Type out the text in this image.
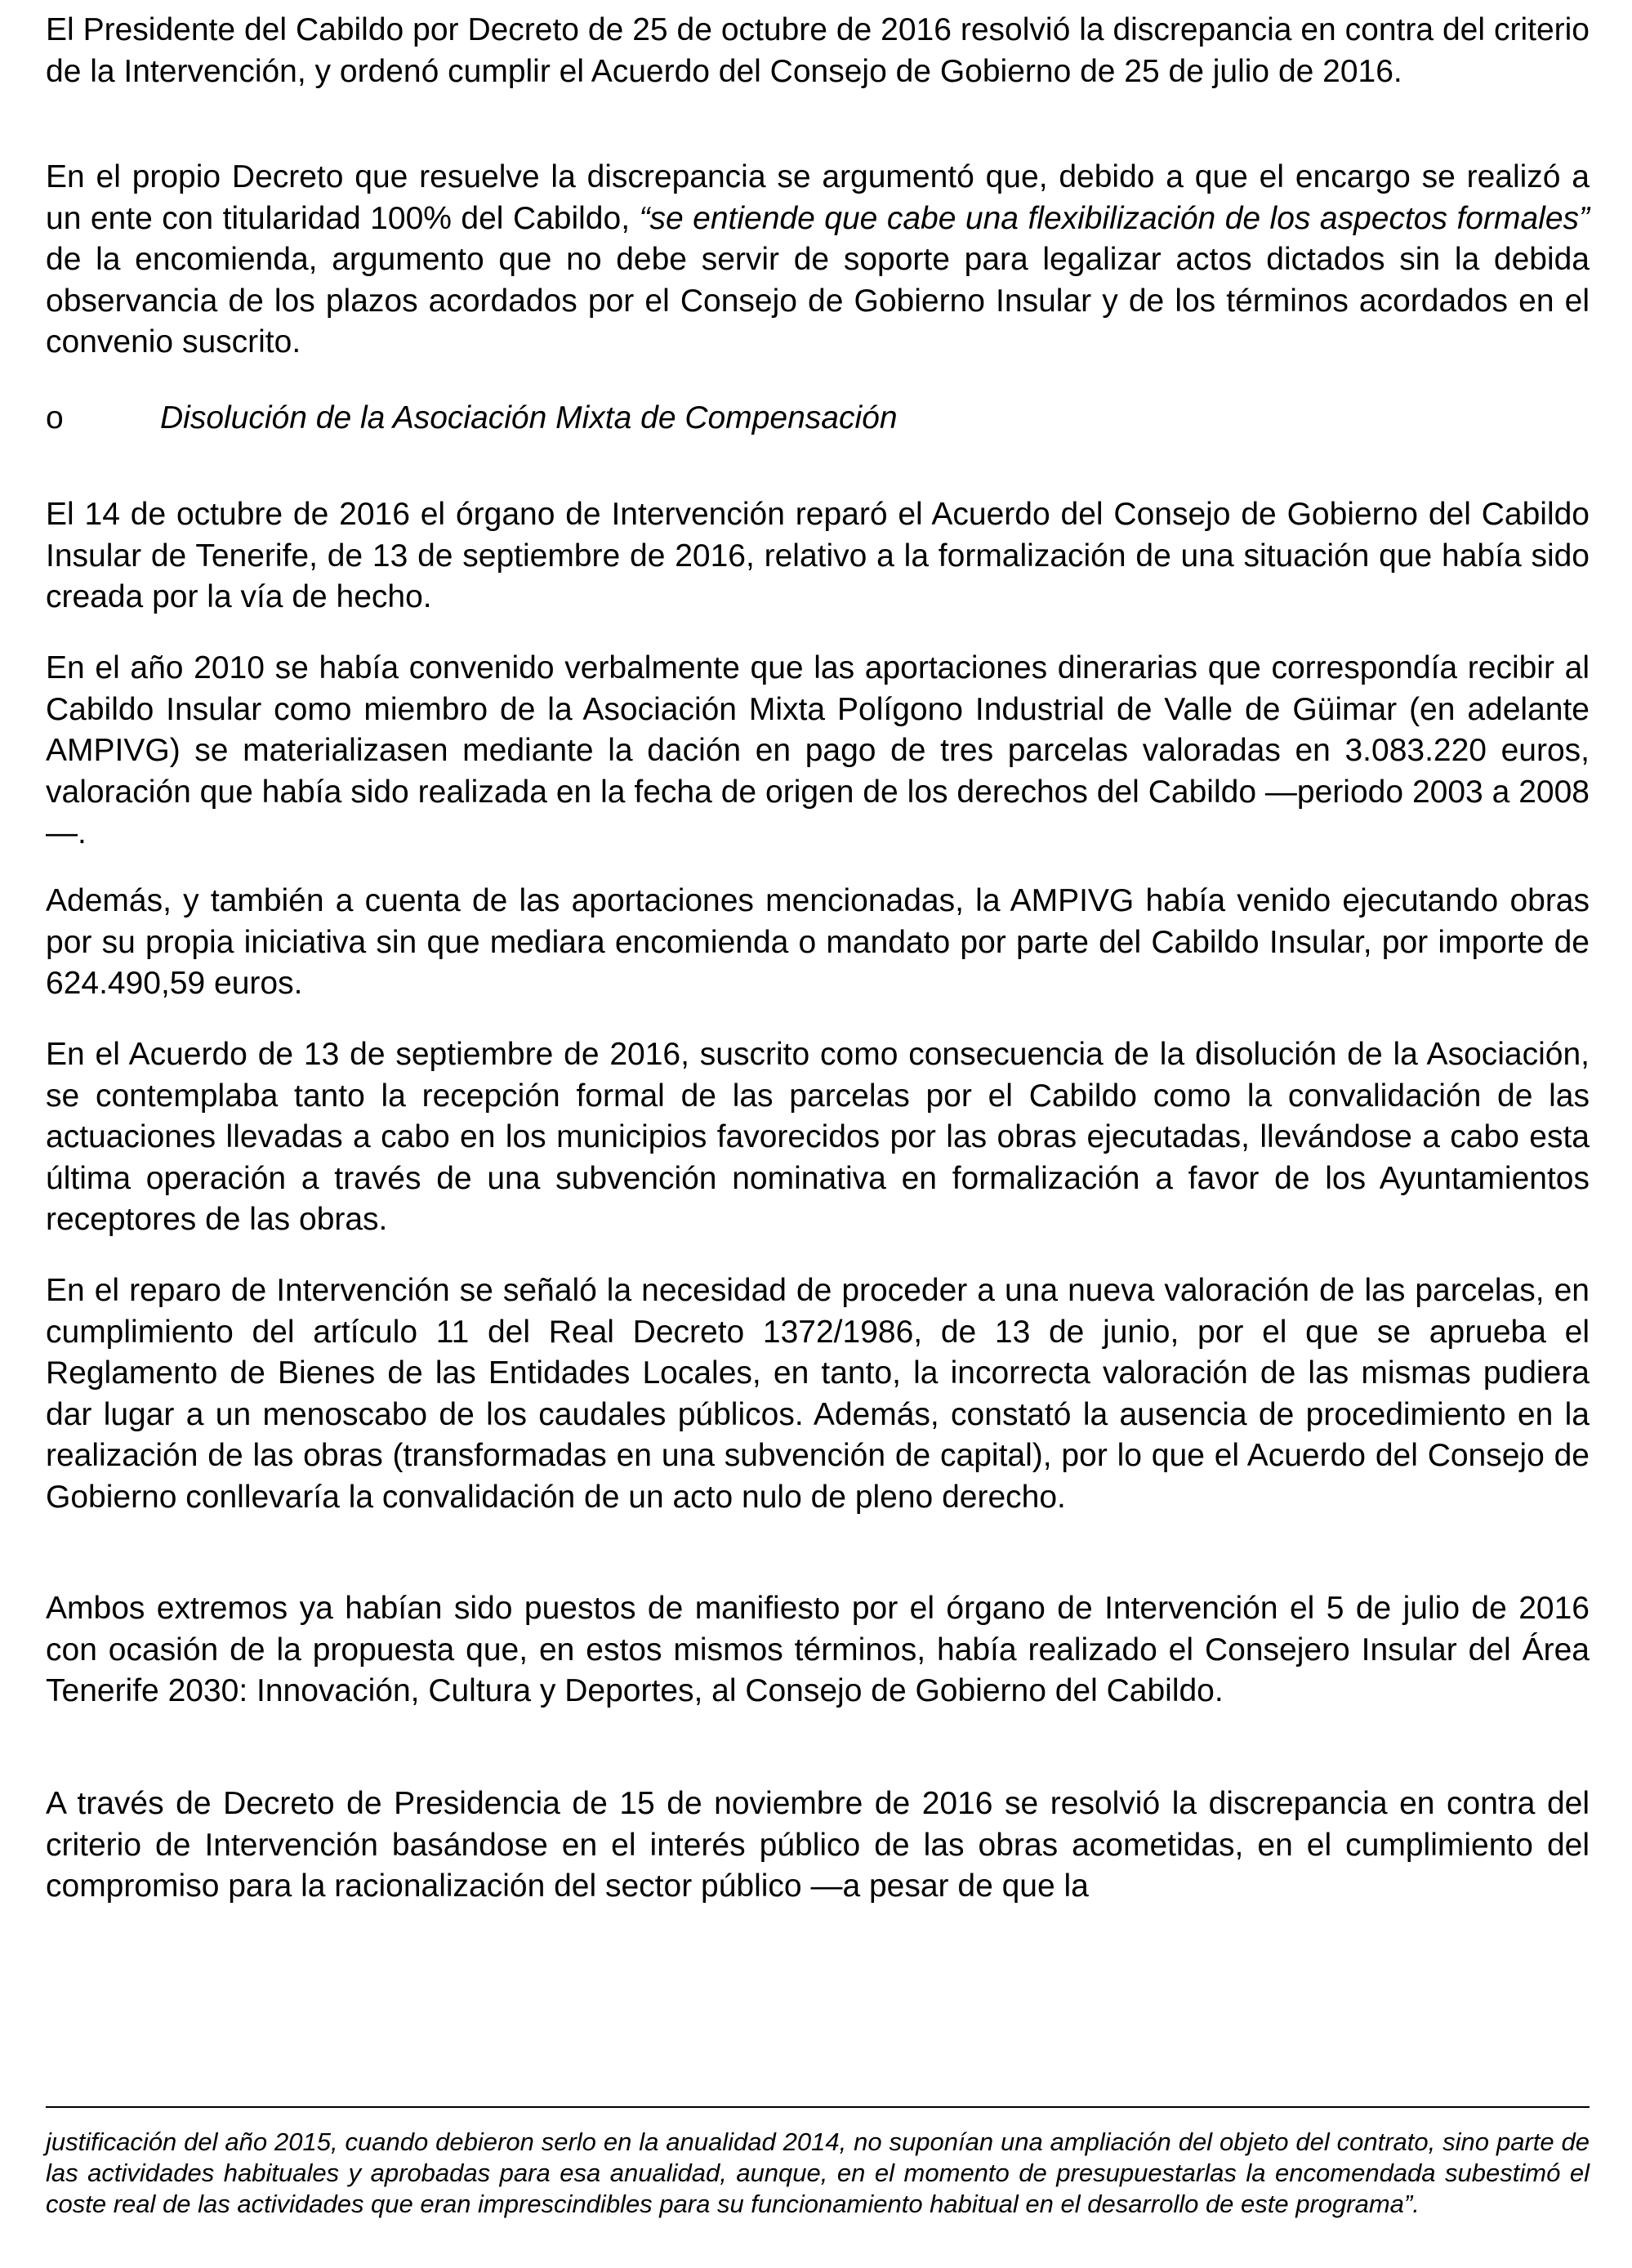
El Presidente del Cabildo por Decreto de 25 de octubre de 2016 resolvió la discrepancia en contra del criterio de la Intervención, y ordenó cumplir el Acuerdo del Consejo de Gobierno de 25 de julio de 2016.

En el propio Decreto que resuelve la discrepancia se argumentó que, debido a que el encargo se realizó a un ente con titularidad 100% del Cabildo, “se entiende que cabe una flexibilización de los aspectos formales” de la encomienda, argumento que no debe servir de soporte para legalizar actos dictados sin la debida observancia de los plazos acordados por el Consejo de Gobierno Insular y de los términos acordados en el convenio suscrito.

o	Disolución de la Asociación Mixta de Compensación

El 14 de octubre de 2016 el órgano de Intervención reparó el Acuerdo del Consejo de Gobierno del Cabildo Insular de Tenerife, de 13 de septiembre de 2016, relativo a la formalización de una situación que había sido creada por la vía de hecho.

En el año 2010 se había convenido verbalmente que las aportaciones dinerarias que correspondía recibir al Cabildo Insular como miembro de la Asociación Mixta Polígono Industrial de Valle de Güimar (en adelante AMPIVG) se materializasen mediante la dación en pago de tres parcelas valoradas en 3.083.220 euros, valoración que había sido realizada en la fecha de origen de los derechos del Cabildo —periodo 2003 a 2008—.

Además, y también a cuenta de las aportaciones mencionadas, la AMPIVG había venido ejecutando obras por su propia iniciativa sin que mediara encomienda o mandato por parte del Cabildo Insular, por importe de 624.490,59 euros.

En el Acuerdo de 13 de septiembre de 2016, suscrito como consecuencia de la disolución de la Asociación, se contemplaba tanto la recepción formal de las parcelas por el Cabildo como la convalidación de las actuaciones llevadas a cabo en los municipios favorecidos por las obras ejecutadas, llevándose a cabo esta última operación a través de una subvención nominativa en formalización a favor de los Ayuntamientos receptores de las obras.

En el reparo de Intervención se señaló la necesidad de proceder a una nueva valoración de las parcelas, en cumplimiento del artículo 11 del Real Decreto 1372/1986, de 13 de junio, por el que se aprueba el Reglamento de Bienes de las Entidades Locales, en tanto, la incorrecta valoración de las mismas pudiera dar lugar a un menoscabo de los caudales públicos. Además, constató la ausencia de procedimiento en la realización de las obras (transformadas en una subvención de capital), por lo que el Acuerdo del Consejo de Gobierno conllevaría la convalidación de un acto nulo de pleno derecho.

Ambos extremos ya habían sido puestos de manifiesto por el órgano de Intervención el 5 de julio de 2016 con ocasión de la propuesta que, en estos mismos términos, había realizado el Consejero Insular del Área Tenerife 2030: Innovación, Cultura y Deportes, al Consejo de Gobierno del Cabildo.

A través de Decreto de Presidencia de 15 de noviembre de 2016 se resolvió la discrepancia en contra del criterio de Intervención basándose en el interés público de las obras acometidas, en el cumplimiento del compromiso para la racionalización del sector público —a pesar de que la

justificación del año 2015, cuando debieron serlo en la anualidad 2014, no suponían una ampliación del objeto del contrato, sino parte de las actividades habituales y aprobadas para esa anualidad, aunque, en el momento de presupuestarlas la encomendada subestimó el coste real de las actividades que eran imprescindibles para su funcionamiento habitual en el desarrollo de este programa”.
